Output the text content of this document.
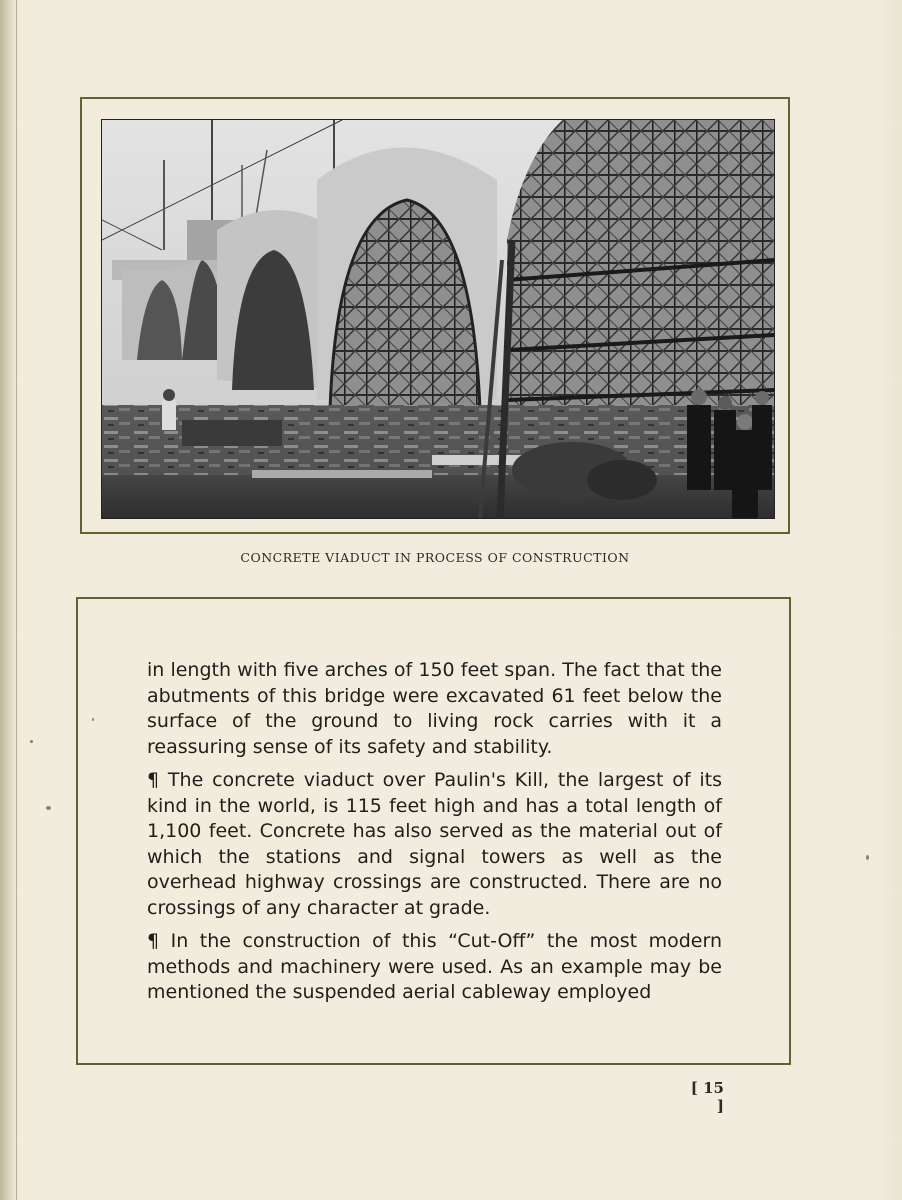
CONCRETE VIADUCT IN PROCESS OF CONSTRUCTION

in length with five arches of 150 feet span. The fact that the abutments of this bridge were excavated 61 feet below the surface of the ground to living rock carries with it a reassuring sense of its safety and stability.

¶ The concrete viaduct over Paulin's Kill, the largest of its kind in the world, is 115 feet high and has a total length of 1,100 feet. Concrete has also served as the material out of which the stations and signal towers as well as the overhead highway crossings are constructed. There are no crossings of any character at grade.

¶ In the construction of this “Cut-Off” the most modern methods and machinery were used. As an example may be mentioned the suspended aerial cableway employed

[ 15 ]
